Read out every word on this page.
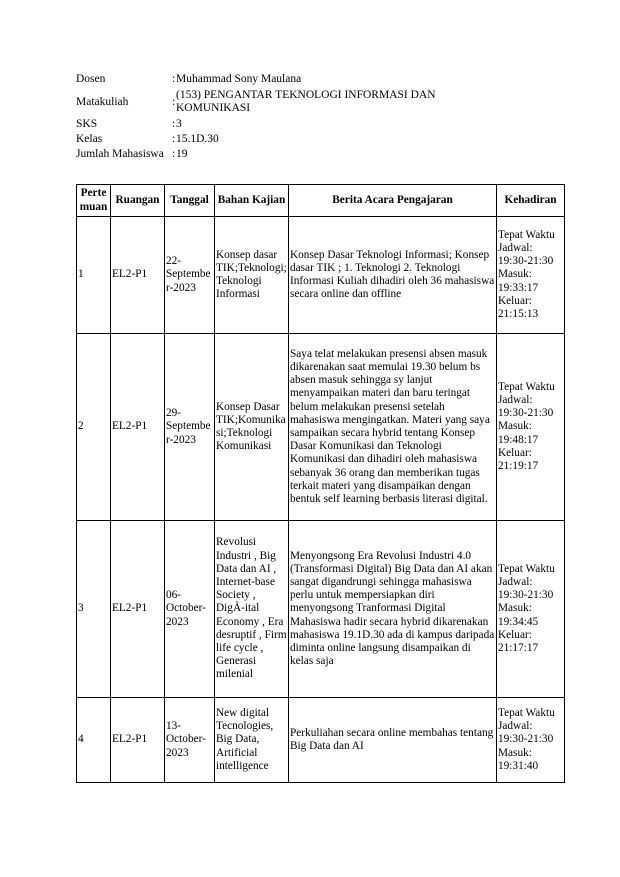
Dosen	:	Muhammad Sony Maulana
Matakuliah	:	(153) PENGANTAR TEKNOLOGI INFORMASI DAN KOMUNIKASI
SKS	:	3
Kelas	:	15.1D.30
Jumlah Mahasiswa	:	19
Pertemuan	Ruangan	Tanggal	Bahan Kajian	Berita Acara Pengajaran	Kehadiran
1	EL2-P1	22-September-2023	Konsep dasar TIK;Teknologi; Teknologi Informasi	Konsep Dasar Teknologi Informasi; Konsep dasar TIK ; 1. Teknologi 2. Teknologi Informasi Kuliah dihadiri oleh 36 mahasiswa secara online dan offline	Tepat Waktu Jadwal: 19:30-21:30 Masuk: 19:33:17 Keluar: 21:15:13
2	EL2-P1	29-September-2023	Konsep Dasar TIK;Komunikasi;Teknologi Komunikasi	Saya telat melakukan presensi absen masuk dikarenakan saat memulai 19.30 belum bs absen masuk sehingga sy lanjut menyampaikan materi dan baru teringat belum melakukan presensi setelah mahasiswa mengingatkan. Materi yang saya sampaikan secara hybrid tentang Konsep Dasar Komunikasi dan Teknologi Komunikasi dan dihadiri oleh mahasiswa sebanyak 36 orang dan memberikan tugas terkait materi yang disampaikan dengan bentuk self learning berbasis literasi digital.	Tepat Waktu Jadwal: 19:30-21:30 Masuk: 19:48:17 Keluar: 21:19:17
3	EL2-P1	06-October-2023	Revolusi Industri , Big Data dan AI , Internet-base Society , DigÃ-ital Economy , Era desruptif , Firm life cycle , Generasi milenial	Menyongsong Era Revolusi Industri 4.0 (Transformasi Digital) Big Data dan AI akan sangat digandrungi sehingga mahasiswa perlu untuk mempersiapkan diri menyongsong Tranformasi Digital Mahasiswa hadir secara hybrid dikarenakan mahasiswa 19.1D.30 ada di kampus daripada diminta online langsung disampaikan di kelas saja	Tepat Waktu Jadwal: 19:30-21:30 Masuk: 19:34:45 Keluar: 21:17:17
4	EL2-P1	13-October-2023	New digital Tecnologies, Big Data, Artificial intelligence	Perkuliahan secara online membahas tentang Big Data dan AI	Tepat Waktu Jadwal: 19:30-21:30 Masuk: 19:31:40
